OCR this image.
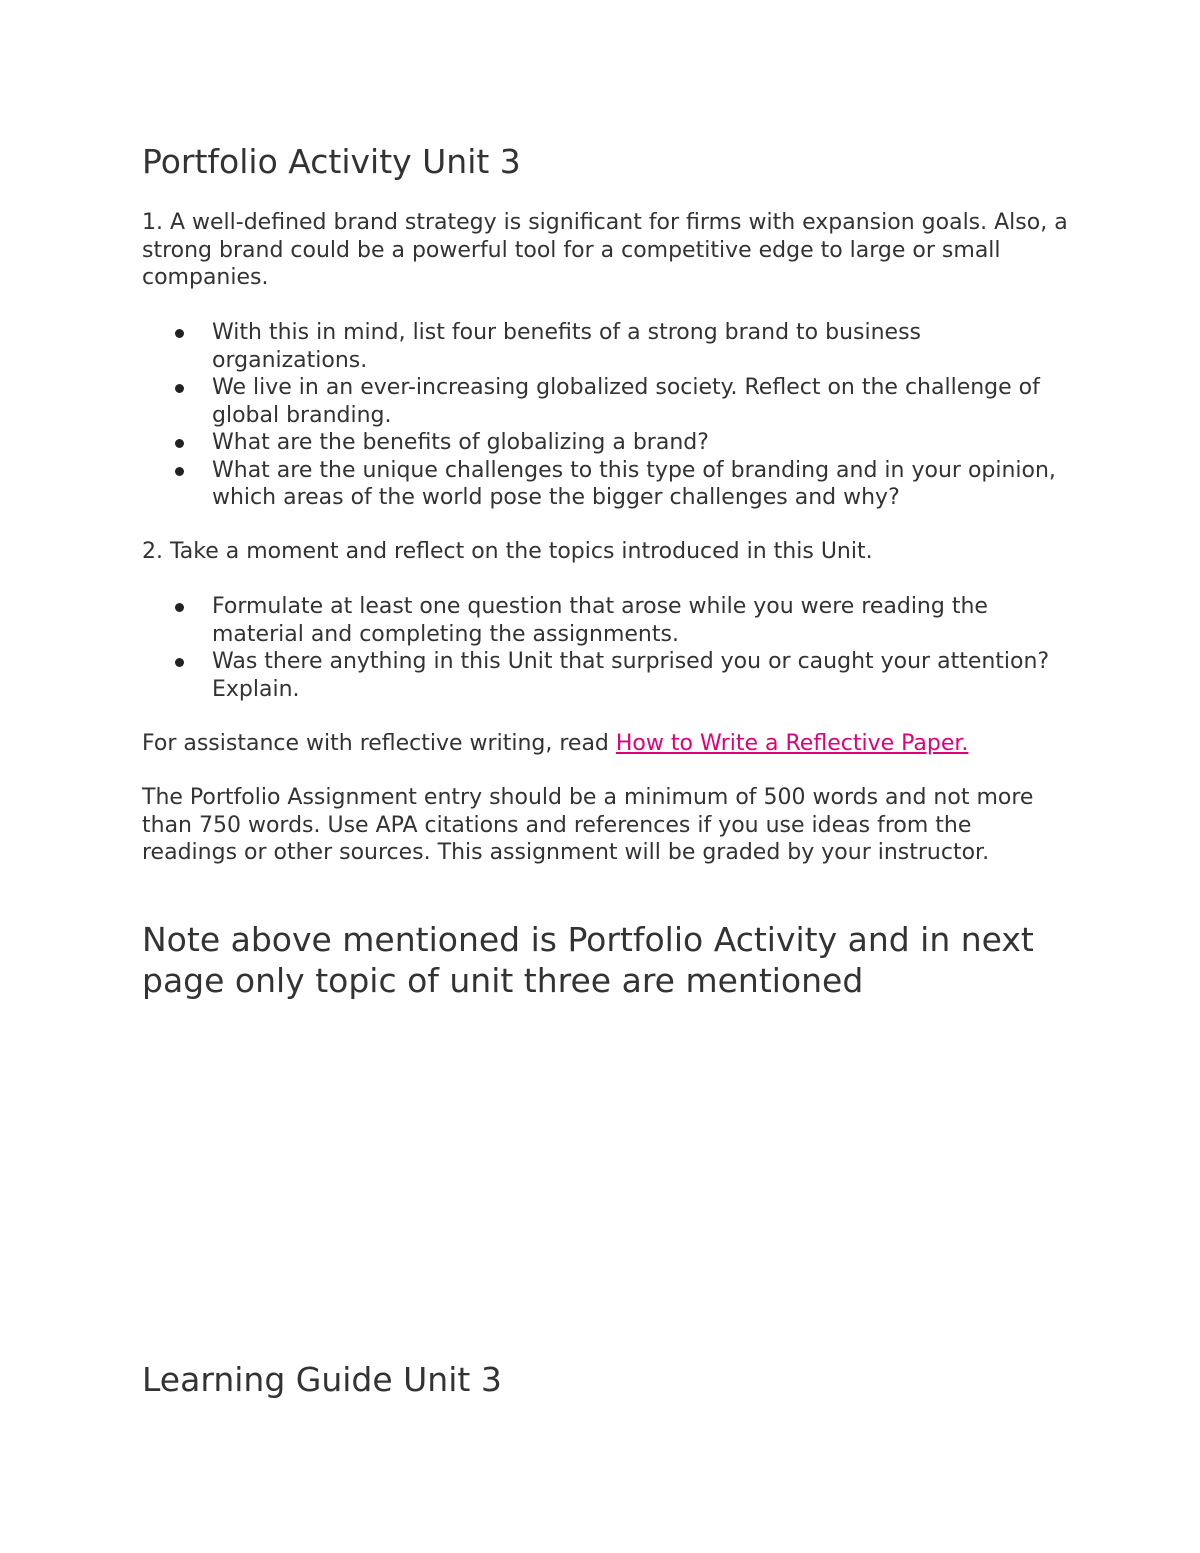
Portfolio Activity Unit 3

1. A well-defined brand strategy is significant for firms with expansion goals. Also, a strong brand could be a powerful tool for a competitive edge to large or small companies.

With this in mind, list four benefits of a strong brand to business organizations.
We live in an ever-increasing globalized society. Reflect on the challenge of global branding.
What are the benefits of globalizing a brand?
What are the unique challenges to this type of branding and in your opinion, which areas of the world pose the bigger challenges and why?

2. Take a moment and reflect on the topics introduced in this Unit.

Formulate at least one question that arose while you were reading the material and completing the assignments.
Was there anything in this Unit that surprised you or caught your attention? Explain.

For assistance with reflective writing, read How to Write a Reflective Paper.

The Portfolio Assignment entry should be a minimum of 500 words and not more than 750 words. Use APA citations and references if you use ideas from the readings or other sources. This assignment will be graded by your instructor.

Note above mentioned is Portfolio Activity and in next page only topic of unit three are mentioned

Learning Guide Unit 3
